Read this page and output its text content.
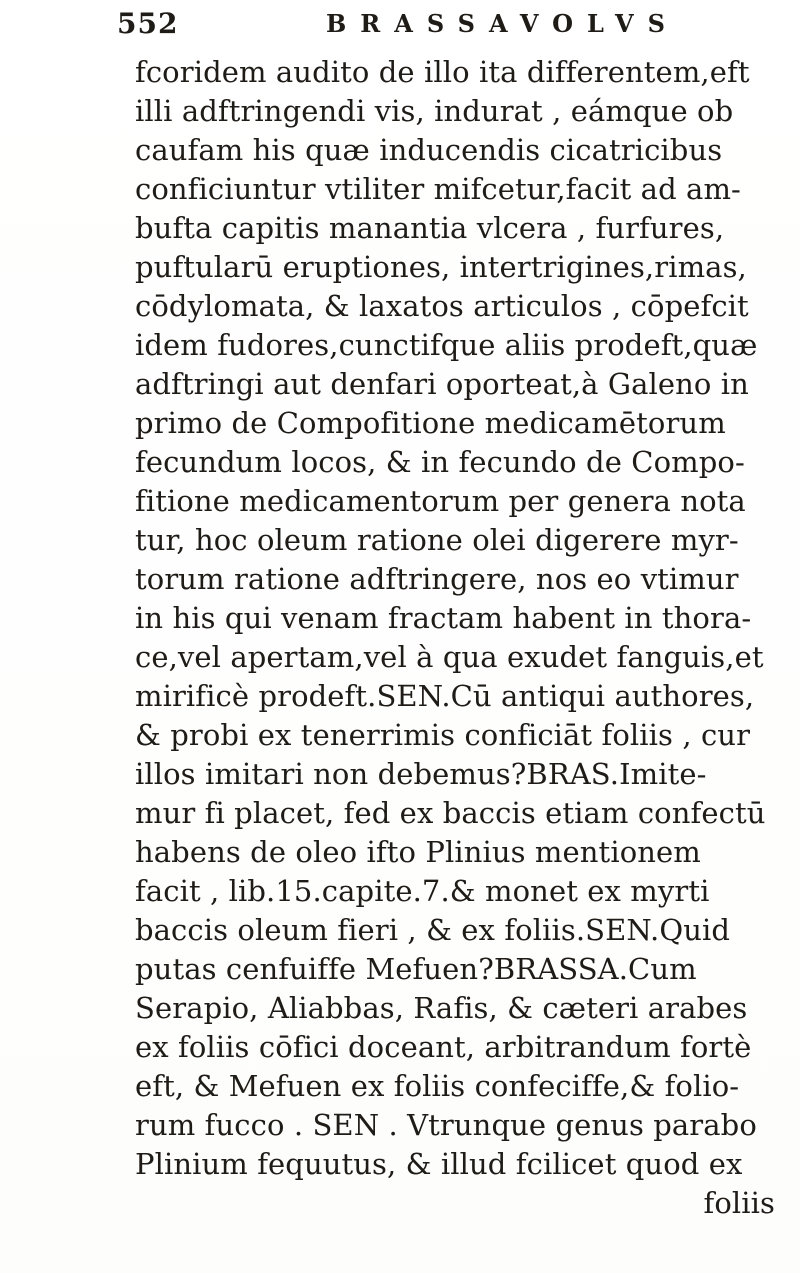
552	BRASSAVOLVS
fcoridem audito de illo ita differentem,eft
illi adftringendi vis, indurat , eámque ob
caufam his quæ inducendis cicatricibus
conficiuntur vtiliter mifcetur,facit ad am-
bufta capitis manantia vlcera , furfures,
puftularū eruptiones, intertrigines,rimas,
cōdylomata, & laxatos articulos , cōpefcit
idem fudores,cunctifque aliis prodeft,quæ
adftringi aut denfari oporteat,à Galeno in
primo de Compofitione medicamētorum
fecundum locos, & in fecundo de Compo-
fitione medicamentorum per genera nota
tur, hoc oleum ratione olei digerere myr-
torum ratione adftringere, nos eo vtimur
in his qui venam fractam habent in thora-
ce,vel apertam,vel à qua exudet fanguis,et
mirificè prodeft.SEN.Cū antiqui authores,
& probi ex tenerrimis conficiāt foliis , cur
illos imitari non debemus?BRAS.Imite-
mur fi placet, fed ex baccis etiam confectū
habens de oleo ifto Plinius mentionem
facit , lib.15.capite.7.& monet ex myrti
baccis oleum fieri , & ex foliis.SEN.Quid
putas cenfuiffe Mefuen?BRASSA.Cum
Serapio, Aliabbas, Rafis, & cæteri arabes
ex foliis cōfici doceant, arbitrandum fortè
eft, & Mefuen ex foliis confeciffe,& folio-
rum fucco . SEN . Vtrunque genus parabo
Plinium fequutus, & illud fcilicet quod ex
foliis
